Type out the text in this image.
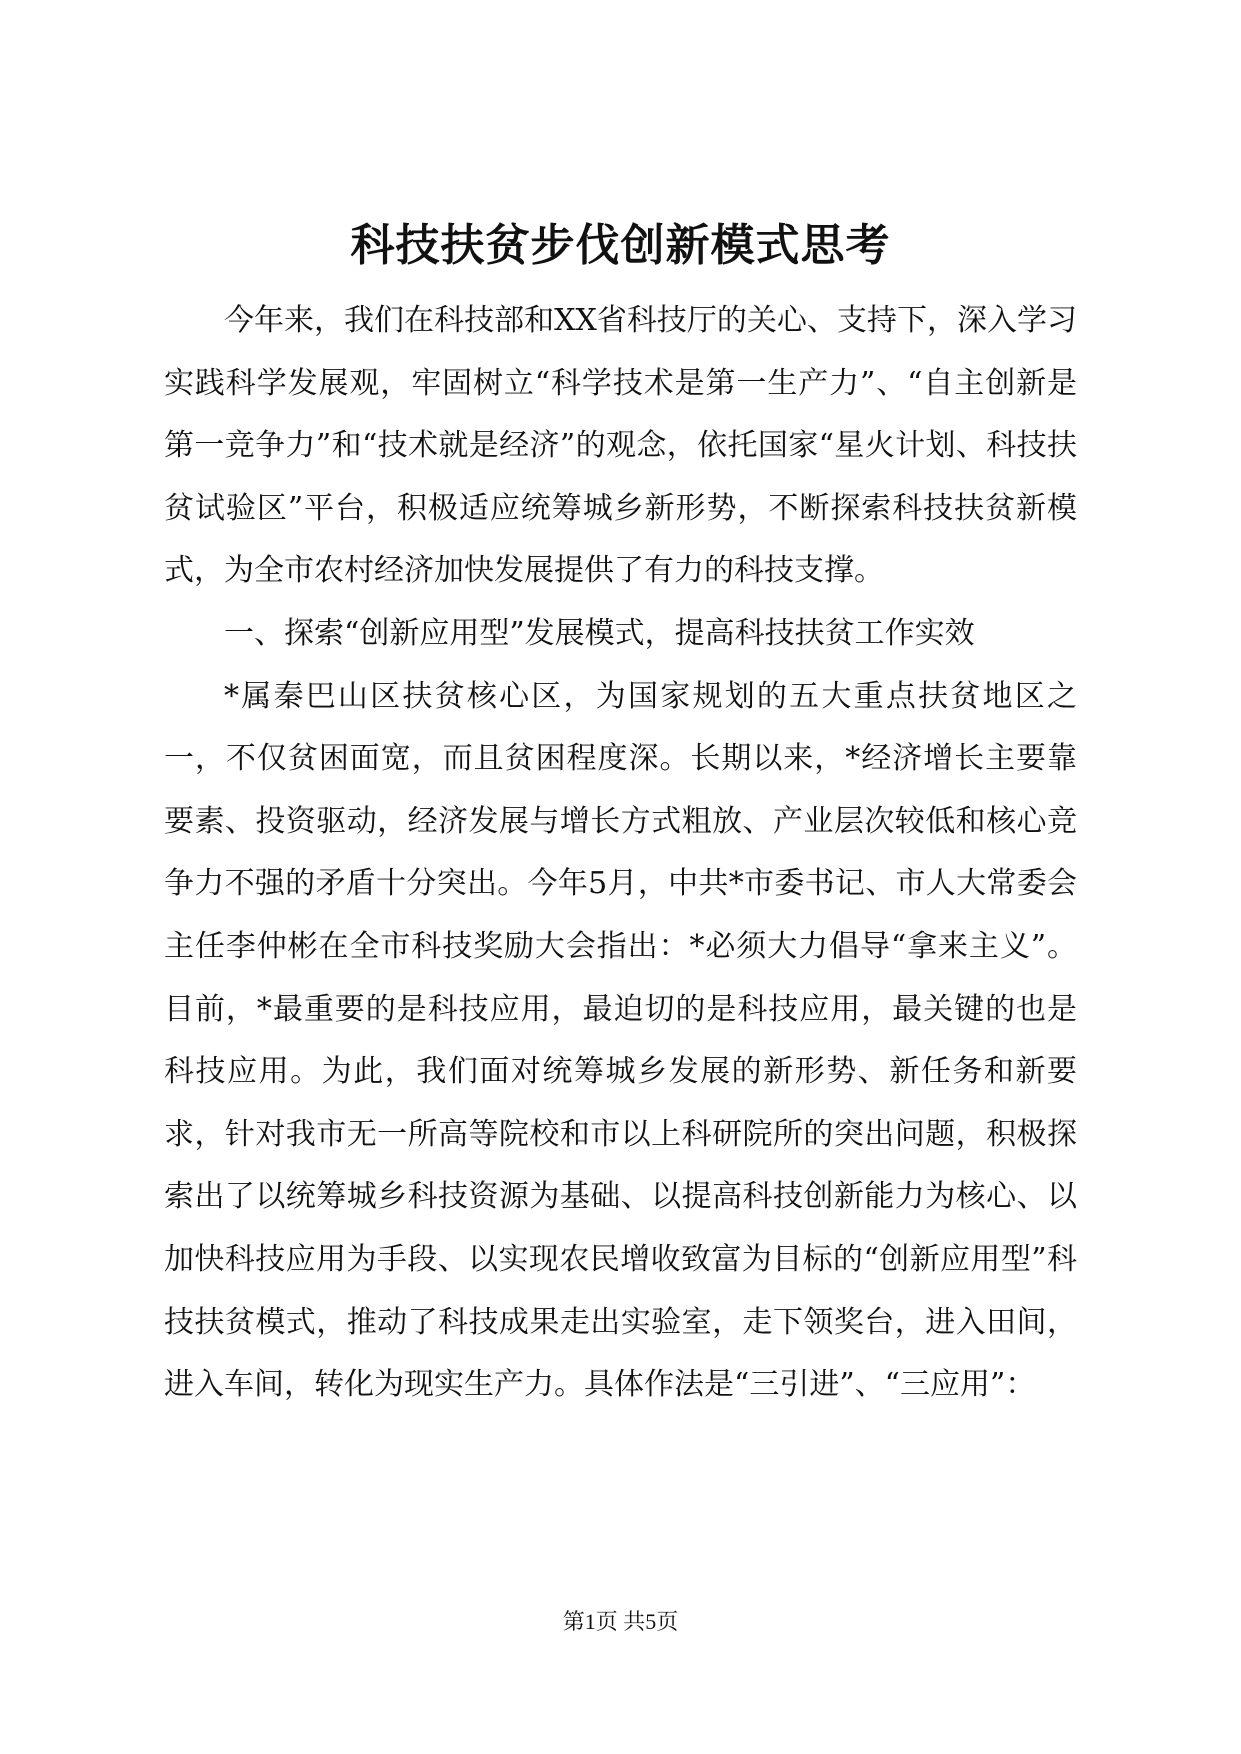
科技扶贫步伐创新模式思考

今年来，我们在科技部和XX省科技厅的关心、支持下，深入学习实践科学发展观，牢固树立“科学技术是第一生产力”、“自主创新是第一竞争力”和“技术就是经济”的观念，依托国家“星火计划、科技扶贫试验区”平台，积极适应统筹城乡新形势，不断探索科技扶贫新模式，为全市农村经济加快发展提供了有力的科技支撑。

一、探索“创新应用型”发展模式，提高科技扶贫工作实效

*属秦巴山区扶贫核心区，为国家规划的五大重点扶贫地区之一，不仅贫困面宽，而且贫困程度深。长期以来，*经济增长主要靠要素、投资驱动，经济发展与增长方式粗放、产业层次较低和核心竞争力不强的矛盾十分突出。今年5月，中共*市委书记、市人大常委会主任李仲彬在全市科技奖励大会指出：*必须大力倡导“拿来主义”。目前，*最重要的是科技应用，最迫切的是科技应用，最关键的也是科技应用。为此，我们面对统筹城乡发展的新形势、新任务和新要求，针对我市无一所高等院校和市以上科研院所的突出问题，积极探索出了以统筹城乡科技资源为基础、以提高科技创新能力为核心、以加快科技应用为手段、以实现农民增收致富为目标的“创新应用型”科技扶贫模式，推动了科技成果走出实验室，走下领奖台，进入田间，进入车间，转化为现实生产力。具体作法是“三引进”、“三应用”：

第1页 共5页
